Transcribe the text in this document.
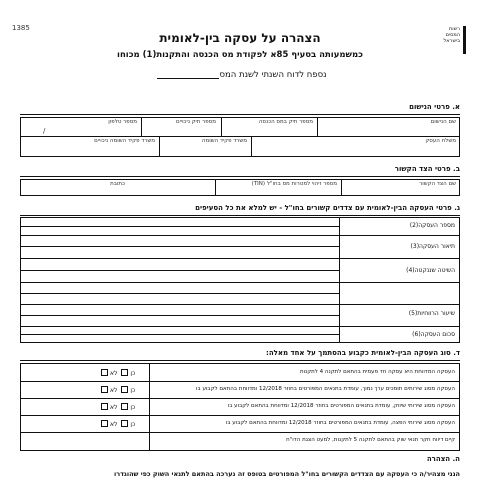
1385	רשות
המסים
בישראל
הצהרה על עסקה בין-לאומית
כמשמעותה בסעיף 85א לפקודת מס הכנסה והתקנות(1) מכוחו
נספח לדוח השנתי לשנת המס
א. פרטי הנישום
שם הנישום
מספר תיק במס הכנסה
מספר תיק ניכויים
מספר טלפון
/
משלח העסק
משרד פקיד השומה
משרד פקיד השומה ניכויים
ב. פרטי הצד הקשור
שם הצד הקשור
מספר זיהוי למטרות מס בחו"ל (TIN)
כתובת
ג. פרטי העסקה הבין-לאומית עם צדדים קשורים בחו"ל - יש למלא את כל הסעיפים
מספר העסקה(2)
תיאור העסקה(3)
השיטה שננקטה(4)
שיעור הרווחיות(5)
סכום העסקה(6)
ד. סוג העסקה הבין-לאומית כקבוע בהסתמך על אחד מאלה:
העסקה המדווחת היא עסקה חד פעמית בהתאם לתקנה 4 לתקנות
העסקה מסוג שירותים תומכים ערך נמוך, עומדת בתנאים המפורטים בחוזר 12/2018 ומדווחת בהתאם לקבוע בו
העסקה מסוג שירותי שיווק, עומדת בתנאים המפורטים בחוזר 12/2018 ומדווחת בהתאם לקבוע בו
העסקה מסוג שירותי הפצה, עומדת בתנאים המפורטים בחוזר 12/2018 ומדווחת בהתאם לקבוע בו
קיים דיווח חקר תנאי שוק בהתאם לתקנה 5 לתקנות, למעט הצגת הדו"ח
כן לא
כן לא
כן לא
כן לא
ה. הצהרה
הנני מצהיר/ה כי העסקה עם הצדדים הקשורים בחו"ל המפורטים בטופס זה נערכה בהתאם לתנאי השוק כפי שהוגדרו
